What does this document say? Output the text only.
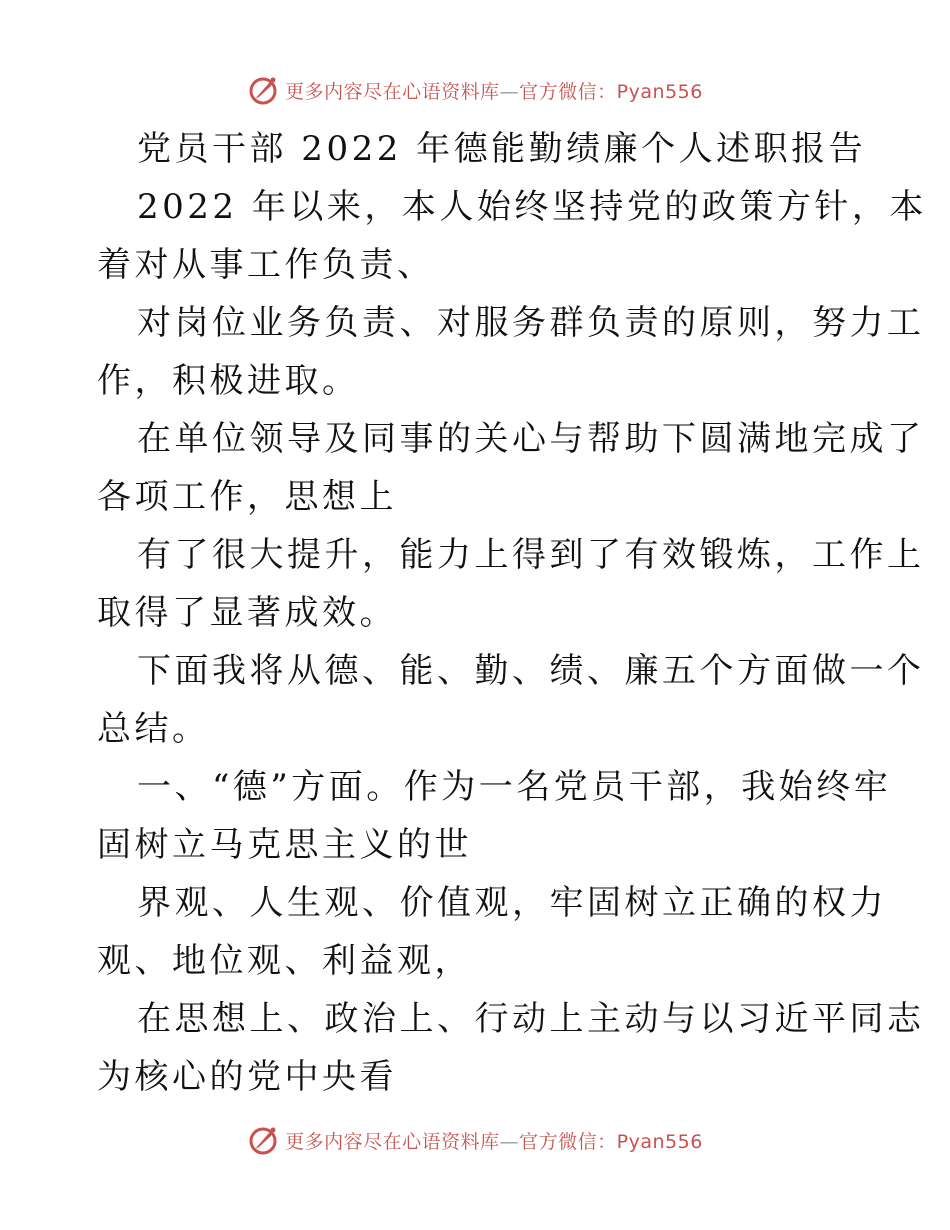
更多内容尽在心语资料库—官方微信：Pyan556
党员干部 2022 年德能勤绩廉个人述职报告
2022 年以来，本人始终坚持党的政策方针，本
着对从事工作负责、
对岗位业务负责、对服务群负责的原则，努力工
作，积极进取。
在单位领导及同事的关心与帮助下圆满地完成了
各项工作，思想上
有了很大提升，能力上得到了有效锻炼，工作上
取得了显著成效。
下面我将从德、能、勤、绩、廉五个方面做一个
总结。
一、“德”方面。作为一名党员干部，我始终牢
固树立马克思主义的世
界观、人生观、价值观，牢固树立正确的权力
观、地位观、利益观，
在思想上、政治上、行动上主动与以习近平同志
为核心的党中央看
更多内容尽在心语资料库—官方微信：Pyan556
